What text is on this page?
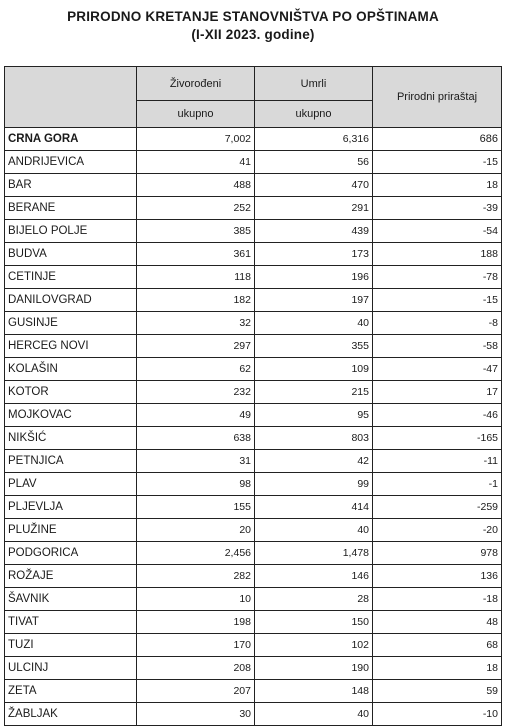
PRIRODNO KRETANJE STANOVNIŠTVA PO OPŠTINAMA
(I-XII 2023. godine)
	Živorođeni	Umrli	Prirodni priraštaj
	ukupno	ukupno	
CRNA GORA	7,002	6,316	686
ANDRIJEVICA	41	56	-15
BAR	488	470	18
BERANE	252	291	-39
BIJELO POLJE	385	439	-54
BUDVA	361	173	188
CETINJE	118	196	-78
DANILOVGRAD	182	197	-15
GUSINJE	32	40	-8
HERCEG NOVI	297	355	-58
KOLAŠIN	62	109	-47
KOTOR	232	215	17
MOJKOVAC	49	95	-46
NIKŠIĆ	638	803	-165
PETNJICA	31	42	-11
PLAV	98	99	-1
PLJEVLJA	155	414	-259
PLUŽINE	20	40	-20
PODGORICA	2,456	1,478	978
ROŽAJE	282	146	136
ŠAVNIK	10	28	-18
TIVAT	198	150	48
TUZI	170	102	68
ULCINJ	208	190	18
ZETA	207	148	59
ŽABLJAK	30	40	-10
